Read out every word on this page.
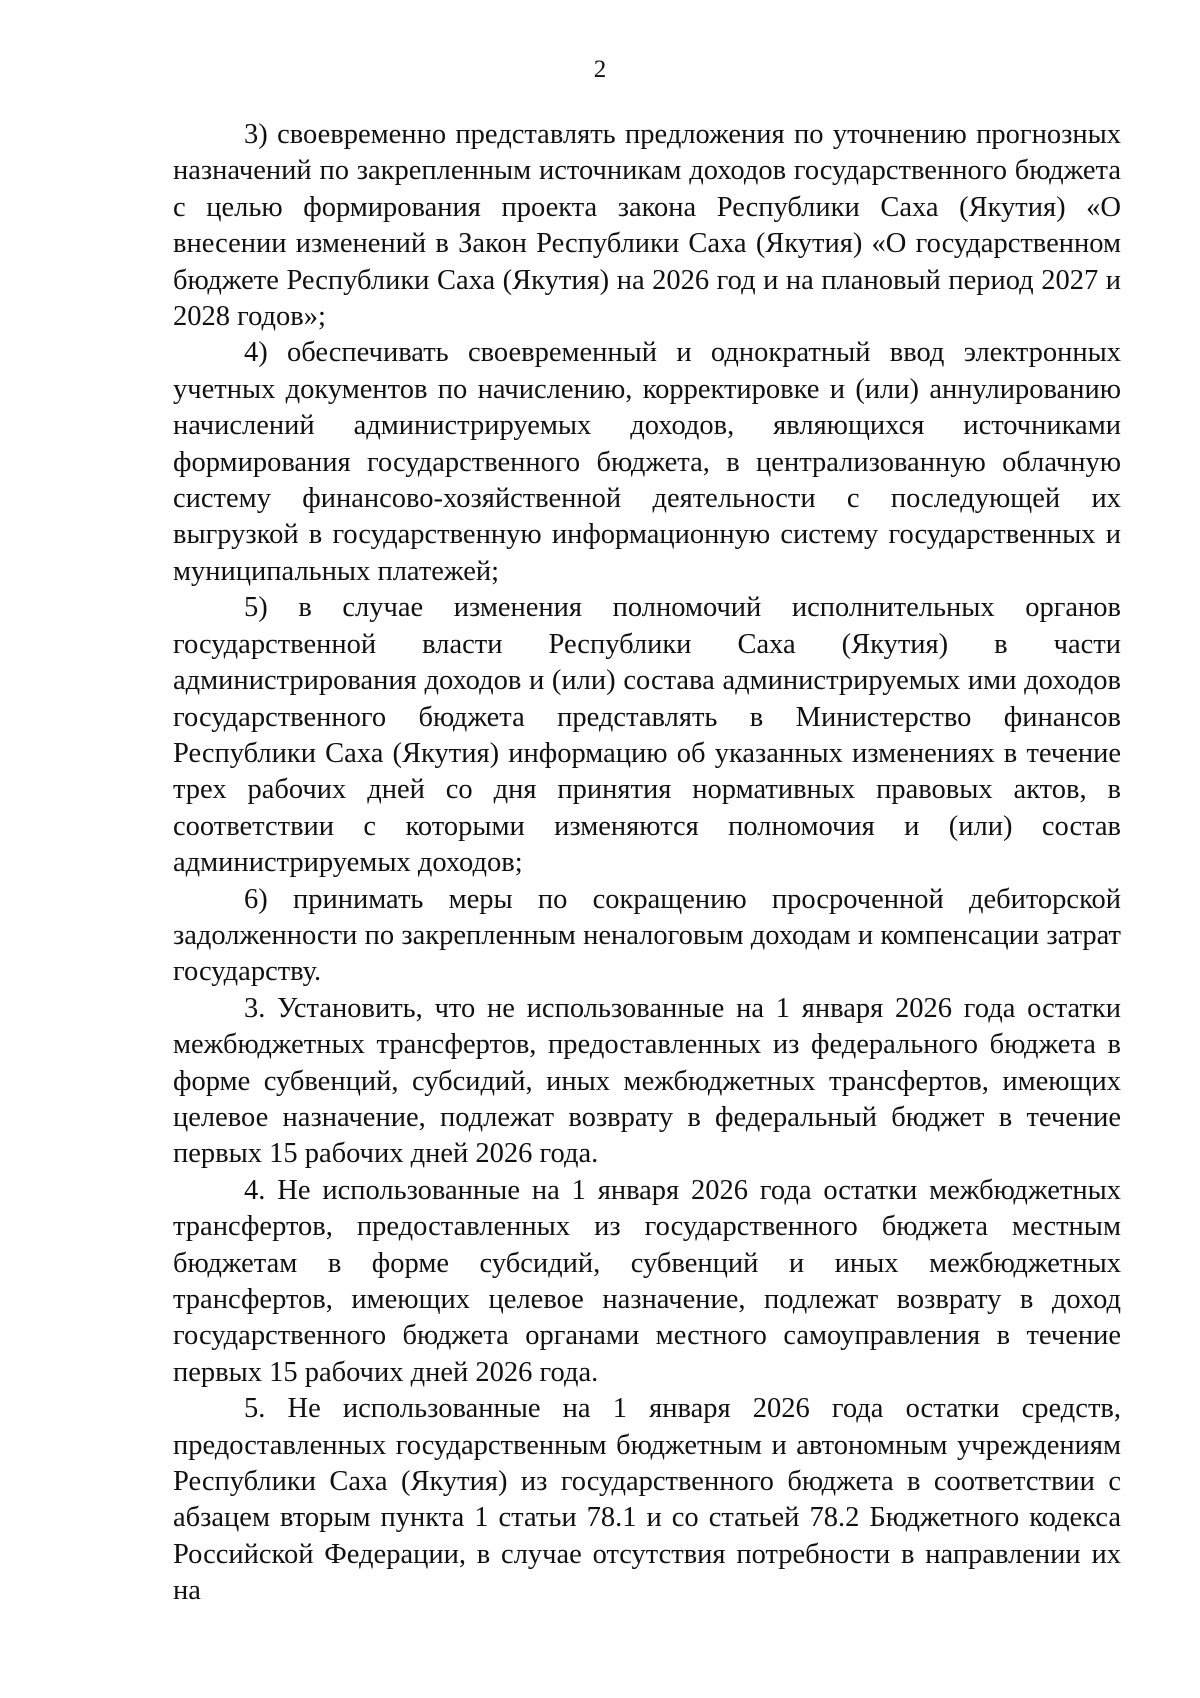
2

3) своевременно представлять предложения по уточнению прогнозных назначений по закрепленным источникам доходов государственного бюджета с целью формирования проекта закона Республики Саха (Якутия) «О внесении изменений в Закон Республики Саха (Якутия) «О государственном бюджете Республики Саха (Якутия) на 2026 год и на плановый период 2027 и 2028 годов»;

4) обеспечивать своевременный и однократный ввод электронных учетных документов по начислению, корректировке и (или) аннулированию начислений администрируемых доходов, являющихся источниками формирования государственного бюджета, в централизованную облачную систему финансово-хозяйственной деятельности с последующей их выгрузкой в государственную информационную систему государственных и муниципальных платежей;

5) в случае изменения полномочий исполнительных органов государственной власти Республики Саха (Якутия) в части администрирования доходов и (или) состава администрируемых ими доходов государственного бюджета представлять в Министерство финансов Республики Саха (Якутия) информацию об указанных изменениях в течение трех рабочих дней со дня принятия нормативных правовых актов, в соответствии с которыми изменяются полномочия и (или) состав администрируемых доходов;

6) принимать меры по сокращению просроченной дебиторской задолженности по закрепленным неналоговым доходам и компенсации затрат государству.

3. Установить, что не использованные на 1 января 2026 года остатки межбюджетных трансфертов, предоставленных из федерального бюджета в форме субвенций, субсидий, иных межбюджетных трансфертов, имеющих целевое назначение, подлежат возврату в федеральный бюджет в течение первых 15 рабочих дней 2026 года.

4. Не использованные на 1 января 2026 года остатки межбюджетных трансфертов, предоставленных из государственного бюджета местным бюджетам в форме субсидий, субвенций и иных межбюджетных трансфертов, имеющих целевое назначение, подлежат возврату в доход государственного бюджета органами местного самоуправления в течение первых 15 рабочих дней 2026 года.

5. Не использованные на 1 января 2026 года остатки средств, предоставленных государственным бюджетным и автономным учреждениям Республики Саха (Якутия) из государственного бюджета в соответствии с абзацем вторым пункта 1 статьи 78.1 и со статьей 78.2 Бюджетного кодекса Российской Федерации, в случае отсутствия потребности в направлении их на
